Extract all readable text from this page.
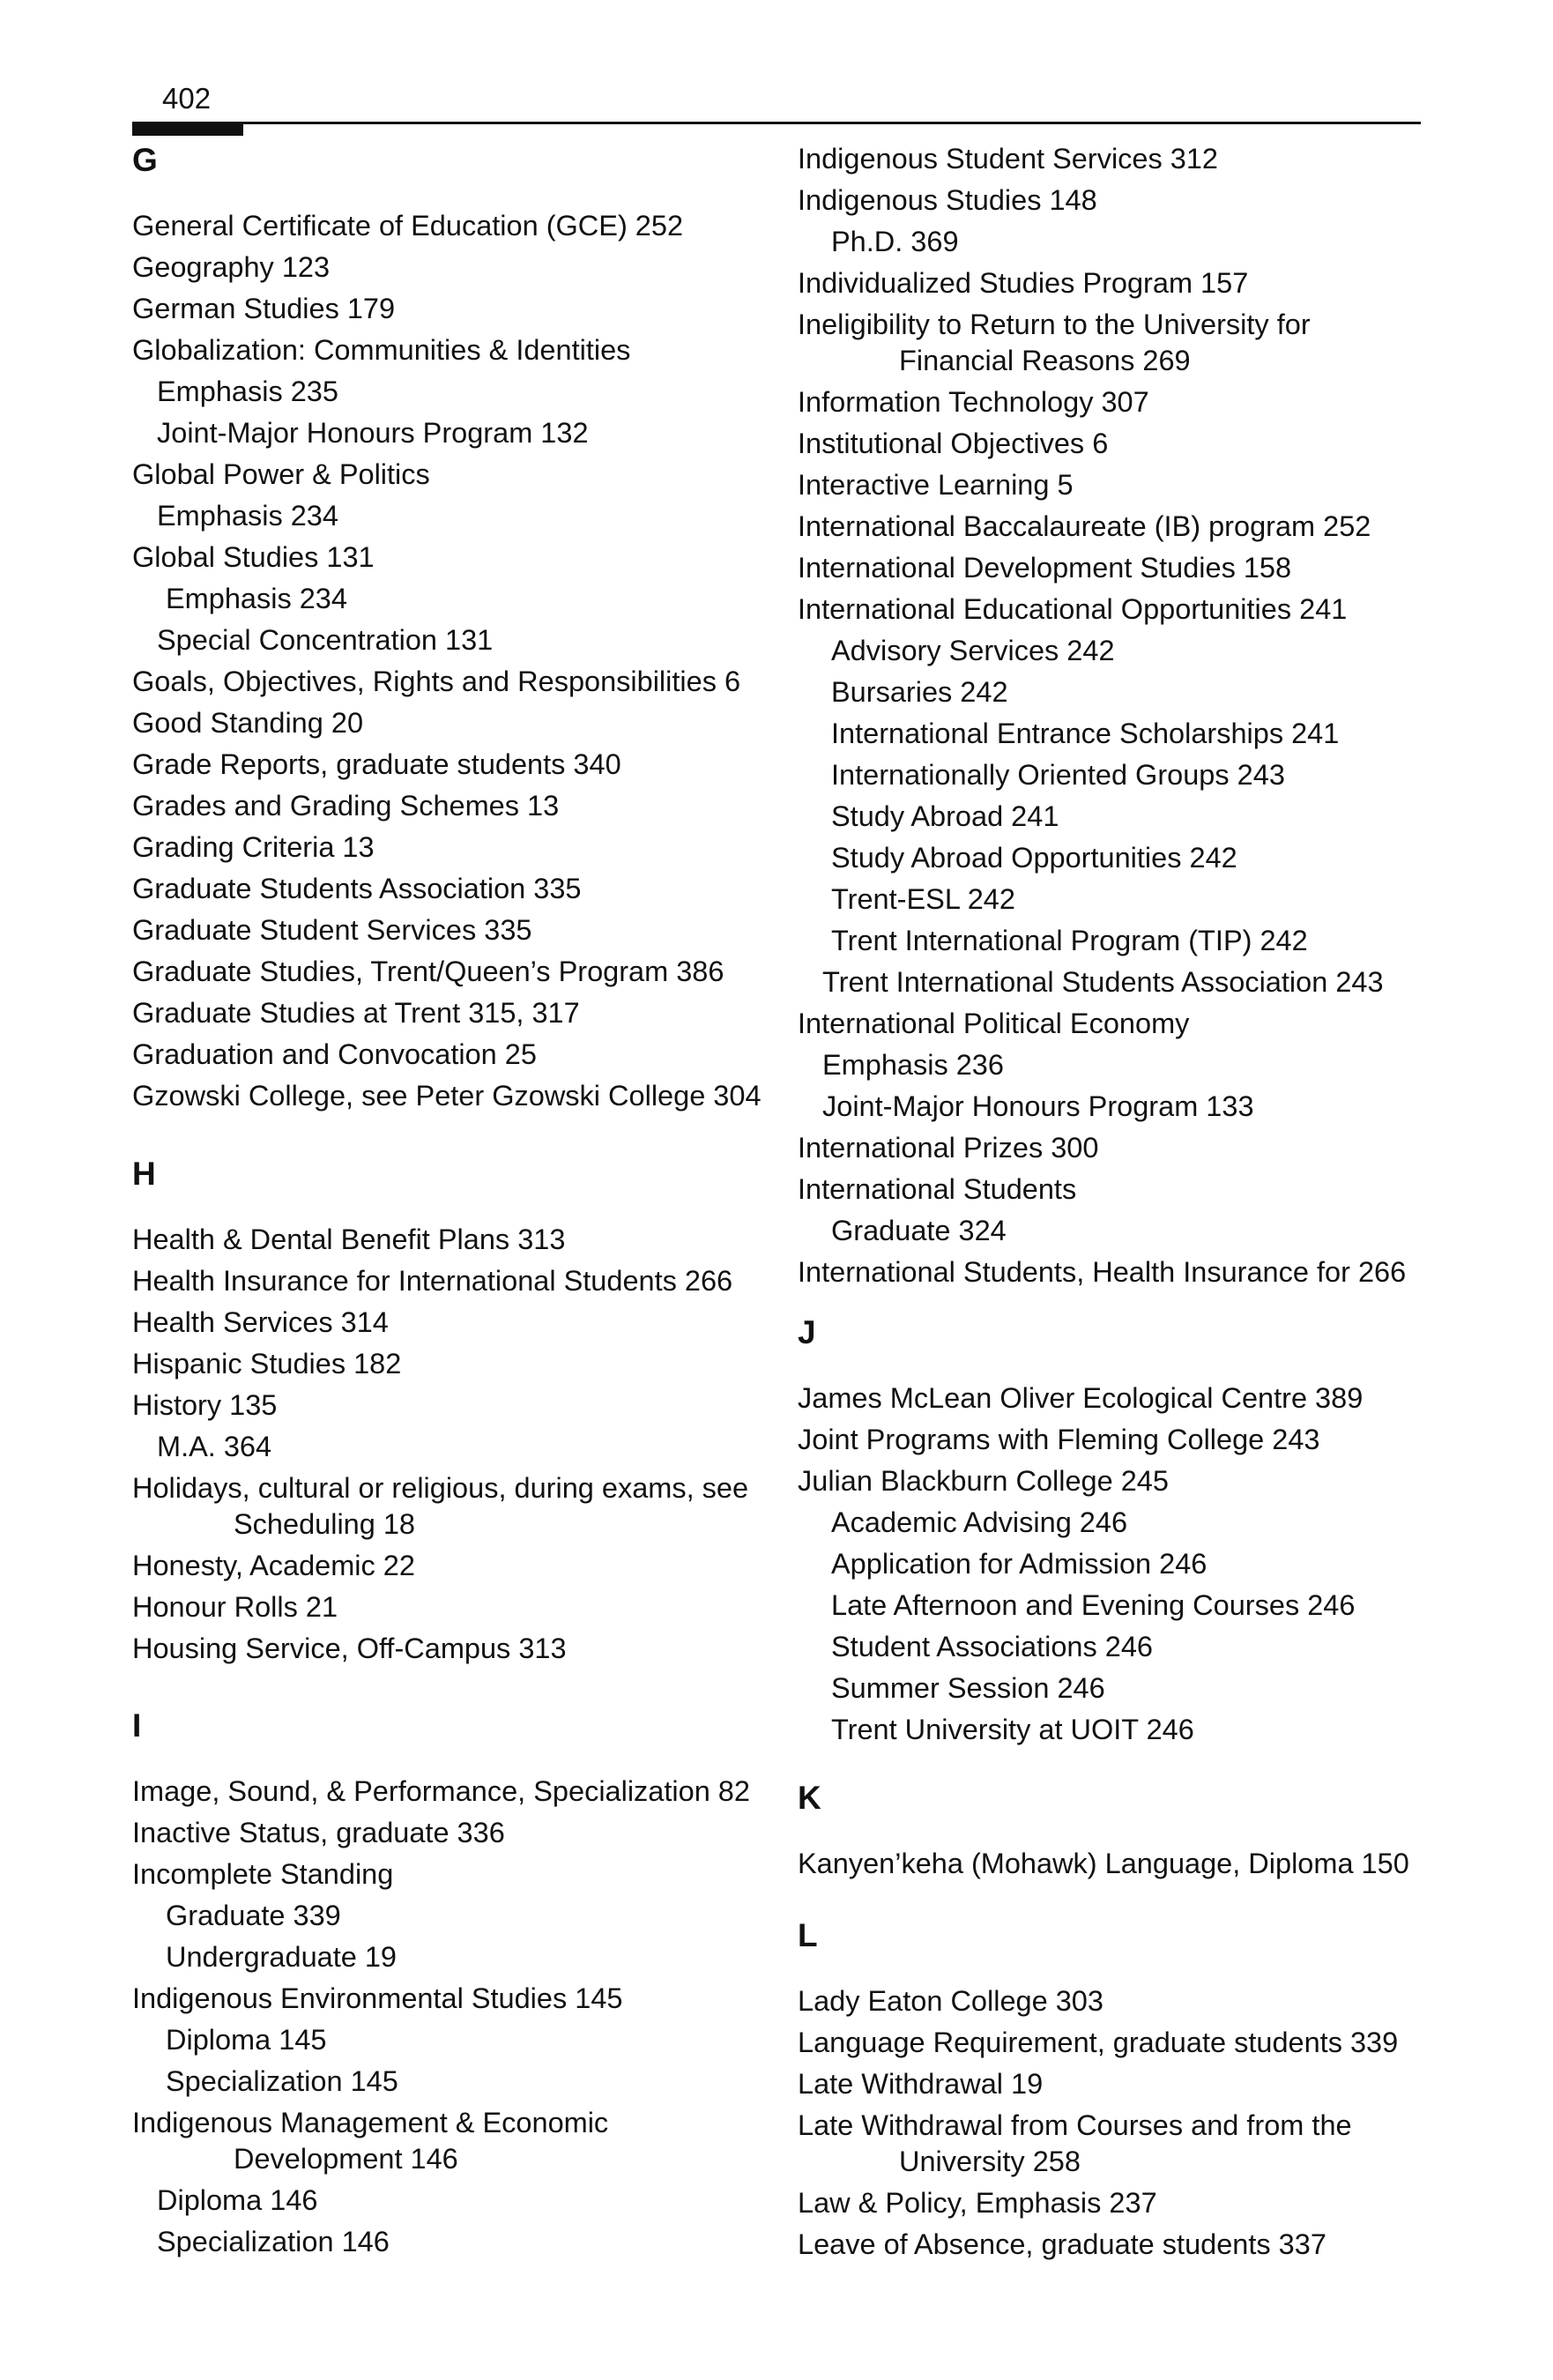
402
G
General Certificate of Education (GCE) 252
Geography 123
German Studies 179
Globalization: Communities & Identities
Emphasis 235
Joint-Major Honours Program 132
Global Power & Politics
Emphasis 234
Global Studies 131
Emphasis 234
Special Concentration 131
Goals, Objectives, Rights and Responsibilities 6
Good Standing 20
Grade Reports, graduate students 340
Grades and Grading Schemes 13
Grading Criteria 13
Graduate Students Association 335
Graduate Student Services 335
Graduate Studies, Trent/Queen’s Program 386
Graduate Studies at Trent 315, 317
Graduation and Convocation 25
Gzowski College, see Peter Gzowski College 304
H
Health & Dental Benefit Plans 313
Health Insurance for International Students 266
Health Services 314
Hispanic Studies 182
History 135
M.A. 364
Holidays, cultural or religious, during exams, see
Scheduling 18
Honesty, Academic 22
Honour Rolls 21
Housing Service, Off-Campus 313
I
Image, Sound, & Performance, Specialization 82
Inactive Status, graduate 336
Incomplete Standing
Graduate 339
Undergraduate 19
Indigenous Environmental Studies 145
Diploma 145
Specialization 145
Indigenous Management & Economic
Development 146
Diploma 146
Specialization 146
Indigenous Student Services 312
Indigenous Studies 148
Ph.D. 369
Individualized Studies Program 157
Ineligibility to Return to the University for
Financial Reasons 269
Information Technology 307
Institutional Objectives 6
Interactive Learning 5
International Baccalaureate (IB) program 252
International Development Studies 158
International Educational Opportunities 241
Advisory Services 242
Bursaries 242
International Entrance Scholarships 241
Internationally Oriented Groups 243
Study Abroad 241
Study Abroad Opportunities 242
Trent-ESL 242
Trent International Program (TIP) 242
Trent International Students Association 243
International Political Economy
Emphasis 236
Joint-Major Honours Program 133
International Prizes 300
International Students
Graduate 324
International Students, Health Insurance for 266
J
James McLean Oliver Ecological Centre 389
Joint Programs with Fleming College 243
Julian Blackburn College 245
Academic Advising 246
Application for Admission 246
Late Afternoon and Evening Courses 246
Student Associations 246
Summer Session 246
Trent University at UOIT 246
K
Kanyen’keha (Mohawk) Language, Diploma 150
L
Lady Eaton College 303
Language Requirement, graduate students 339
Late Withdrawal 19
Late Withdrawal from Courses and from the
University 258
Law & Policy, Emphasis 237
Leave of Absence, graduate students 337
